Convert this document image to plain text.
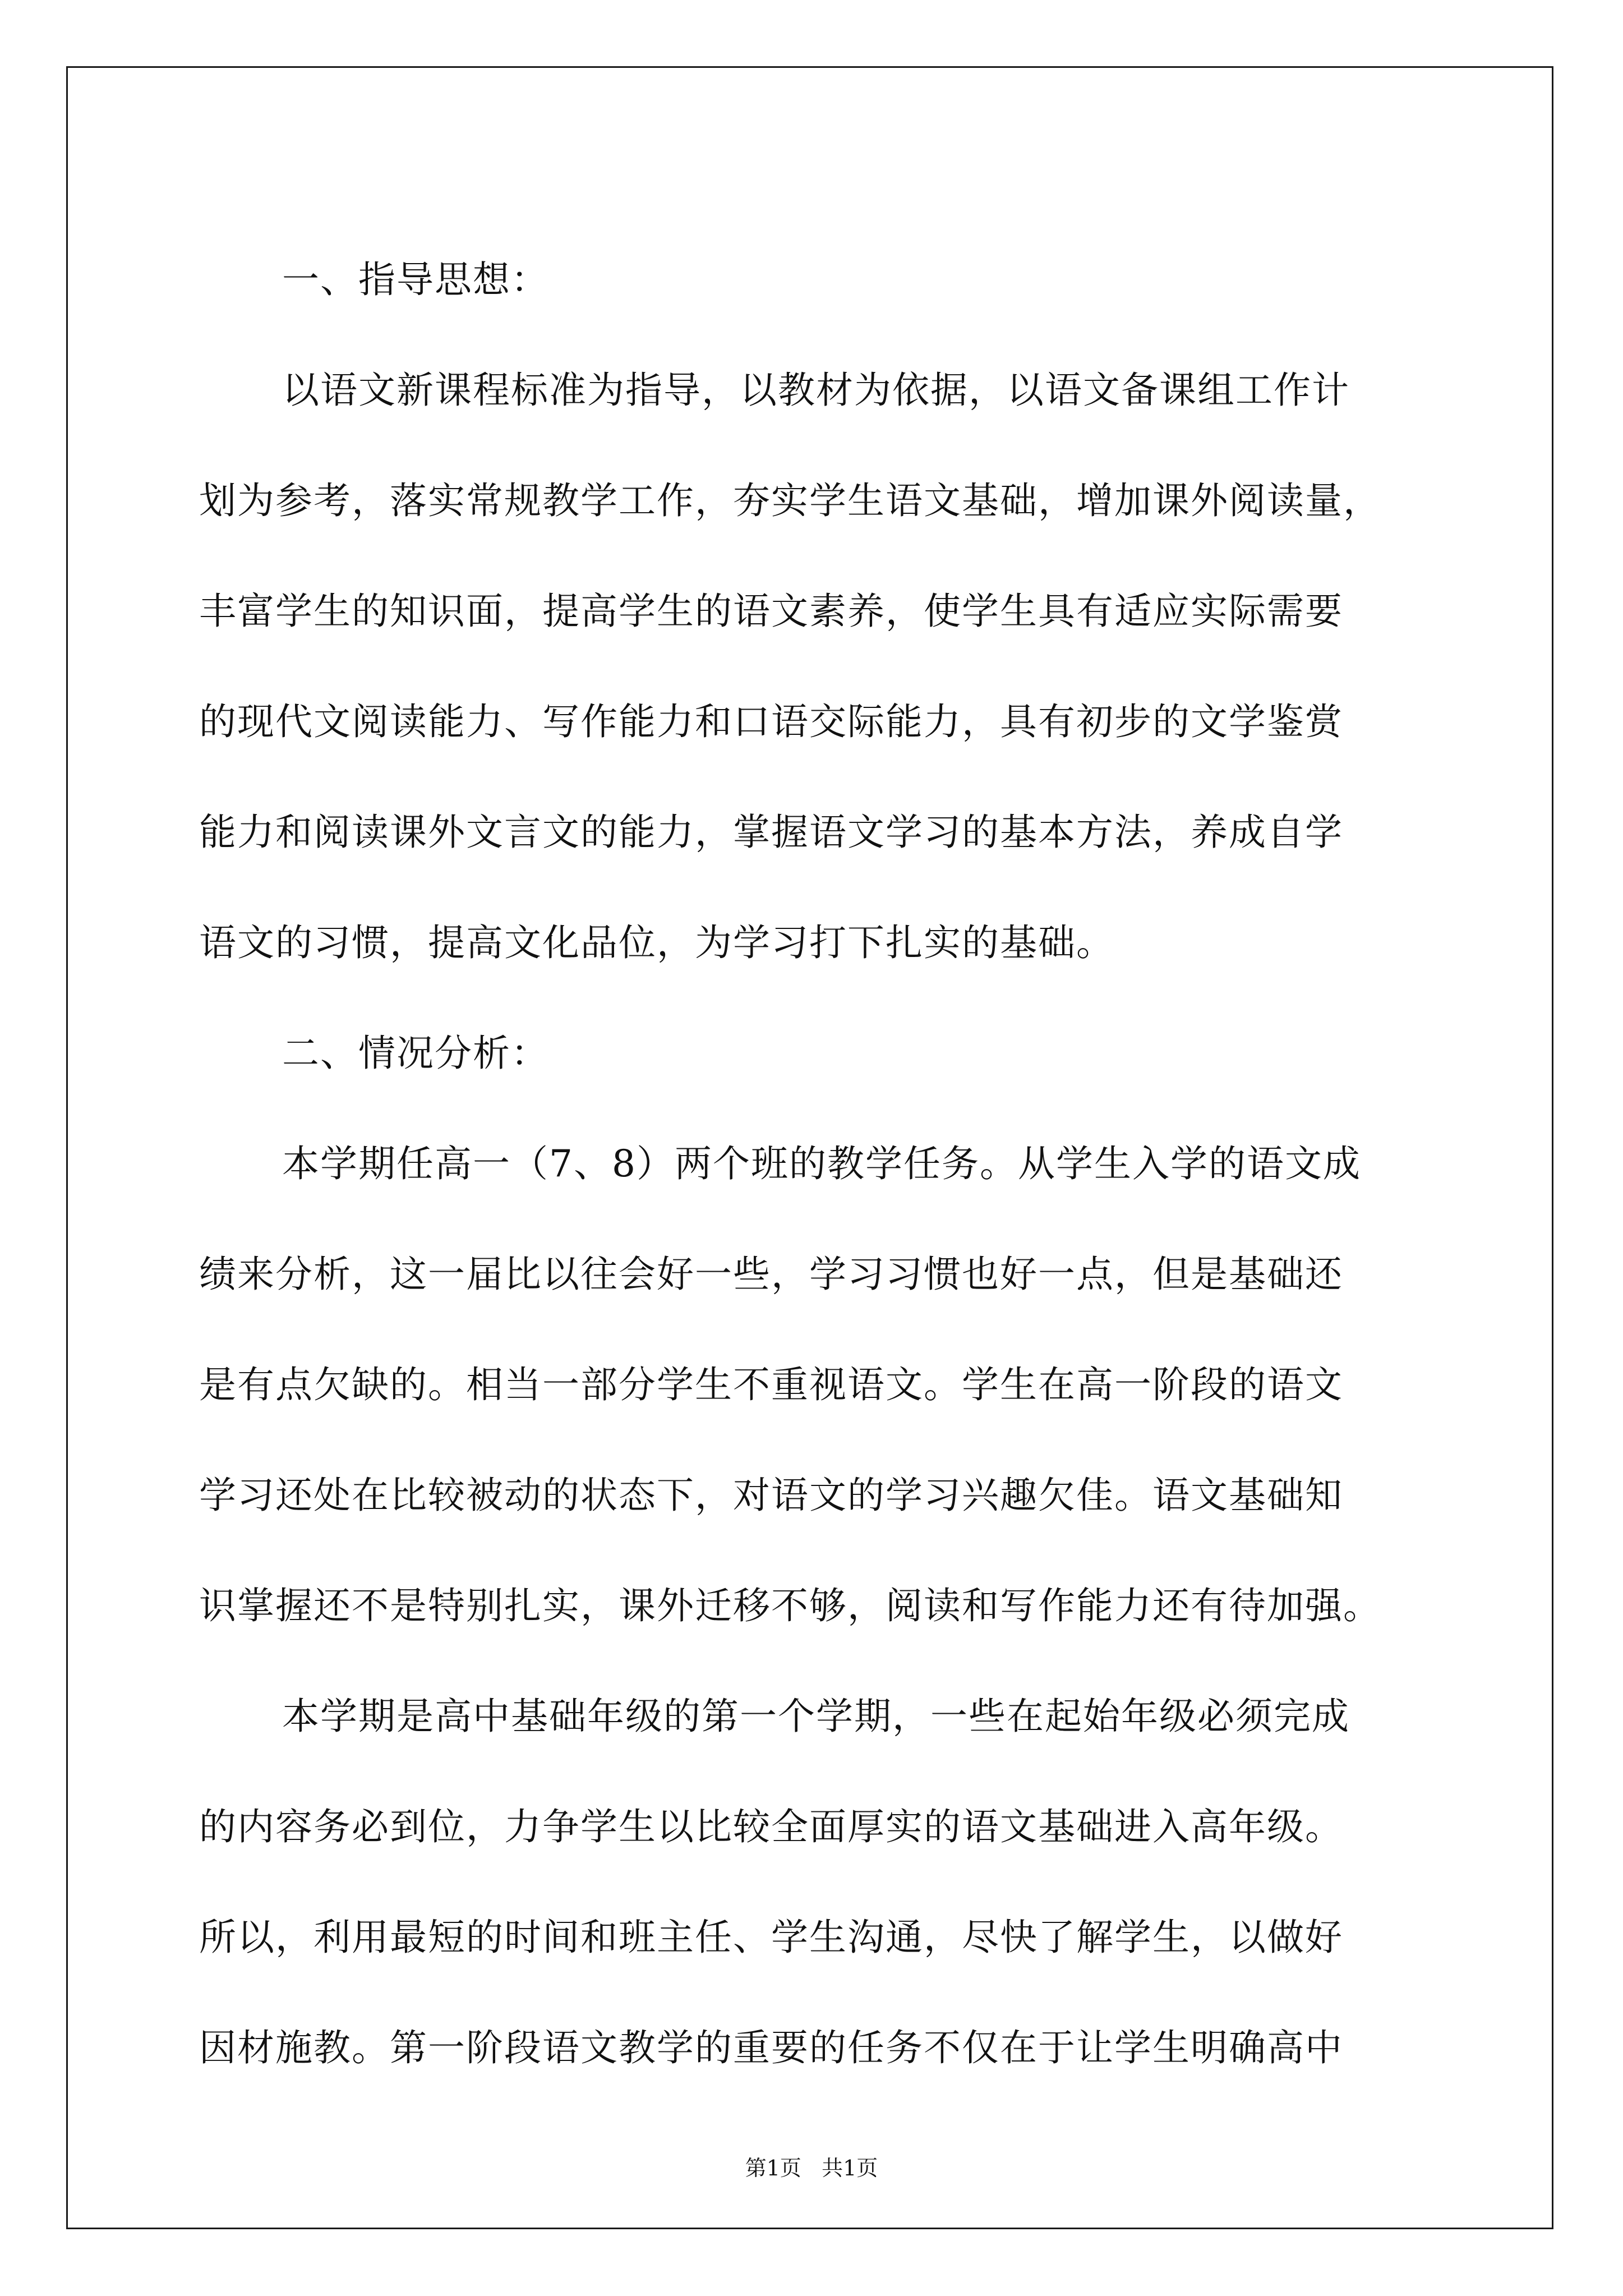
一、指导思想：
以语文新课程标准为指导，以教材为依据，以语文备课组工作计
划为参考，落实常规教学工作，夯实学生语文基础，增加课外阅读量，
丰富学生的知识面，提高学生的语文素养，使学生具有适应实际需要
的现代文阅读能力、写作能力和口语交际能力，具有初步的文学鉴赏
能力和阅读课外文言文的能力，掌握语文学习的基本方法，养成自学
语文的习惯，提高文化品位，为学习打下扎实的基础。
二、情况分析：
本学期任高一（7、8）两个班的教学任务。从学生入学的语文成
绩来分析，这一届比以往会好一些，学习习惯也好一点，但是基础还
是有点欠缺的。相当一部分学生不重视语文。学生在高一阶段的语文
学习还处在比较被动的状态下，对语文的学习兴趣欠佳。语文基础知
识掌握还不是特别扎实，课外迁移不够，阅读和写作能力还有待加强。
本学期是高中基础年级的第一个学期，一些在起始年级必须完成
的内容务必到位，力争学生以比较全面厚实的语文基础进入高年级。
所以，利用最短的时间和班主任、学生沟通，尽快了解学生，以做好
因材施教。第一阶段语文教学的重要的任务不仅在于让学生明确高中
第1页 共1页
